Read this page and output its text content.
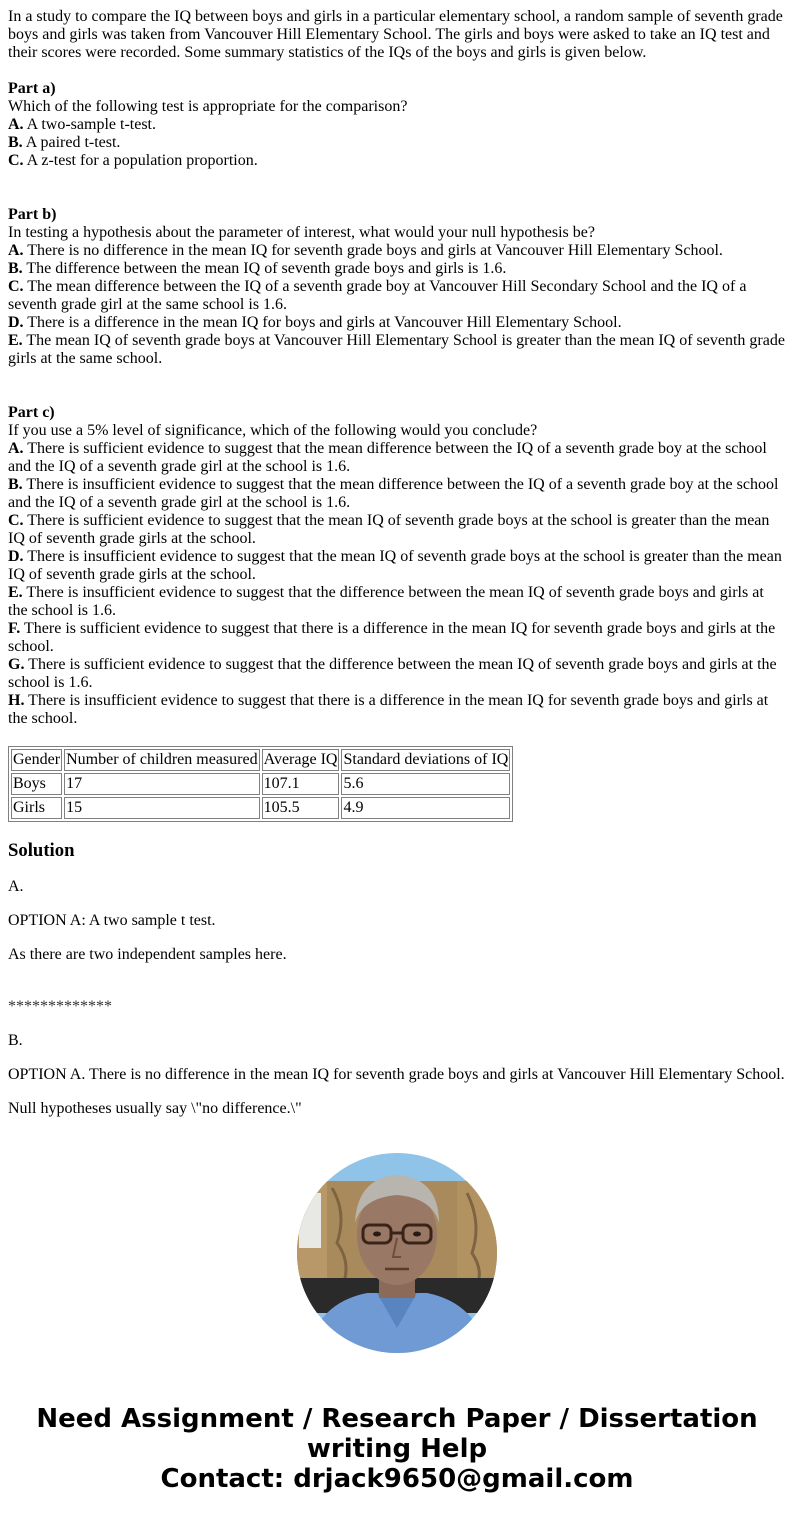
In a study to compare the IQ between boys and girls in a particular elementary school, a random sample of seventh grade boys and girls was taken from Vancouver Hill Elementary School. The girls and boys were asked to take an IQ test and their scores were recorded. Some summary statistics of the IQs of the boys and girls is given below.
Part a)
Which of the following test is appropriate for the comparison?
A. A two-sample t-test.
B. A paired t-test.
C. A z-test for a population proportion.
Part b)
In testing a hypothesis about the parameter of interest, what would your null hypothesis be?
A. There is no difference in the mean IQ for seventh grade boys and girls at Vancouver Hill Elementary School.
B. The difference between the mean IQ of seventh grade boys and girls is 1.6.
C. The mean difference between the IQ of a seventh grade boy at Vancouver Hill Secondary School and the IQ of a seventh grade girl at the same school is 1.6.
D. There is a difference in the mean IQ for boys and girls at Vancouver Hill Elementary School.
E. The mean IQ of seventh grade boys at Vancouver Hill Elementary School is greater than the mean IQ of seventh grade girls at the same school.
Part c)
If you use a 5% level of significance, which of the following would you conclude?
A. There is sufficient evidence to suggest that the mean difference between the IQ of a seventh grade boy at the school and the IQ of a seventh grade girl at the school is 1.6.
B. There is insufficient evidence to suggest that the mean difference between the IQ of a seventh grade boy at the school and the IQ of a seventh grade girl at the school is 1.6.
C. There is sufficient evidence to suggest that the mean IQ of seventh grade boys at the school is greater than the mean IQ of seventh grade girls at the school.
D. There is insufficient evidence to suggest that the mean IQ of seventh grade boys at the school is greater than the mean IQ of seventh grade girls at the school.
E. There is insufficient evidence to suggest that the difference between the mean IQ of seventh grade boys and girls at the school is 1.6.
F. There is sufficient evidence to suggest that there is a difference in the mean IQ for seventh grade boys and girls at the school.
G. There is sufficient evidence to suggest that the difference between the mean IQ of seventh grade boys and girls at the school is 1.6.
H. There is insufficient evidence to suggest that there is a difference in the mean IQ for seventh grade boys and girls at the school.
Gender	Number of children measured	Average IQ	Standard deviations of IQ
Boys	17	107.1	5.6
Girls	15	105.5	4.9
Solution

A.

OPTION A: A two sample t test.

As there are two independent samples here.

*************

B.

OPTION A. There is no difference in the mean IQ for seventh grade boys and girls at Vancouver Hill Elementary School.

Null hypotheses usually say \"no difference.\"

Need Assignment / Research Paper / Dissertation
writing Help
Contact: drjack9650@gmail.com
